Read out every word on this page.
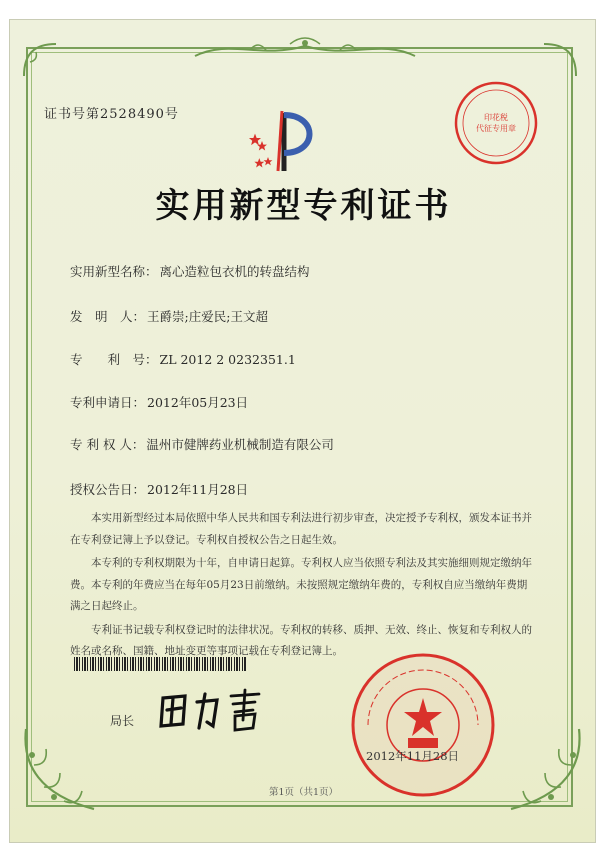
证书号第2528490号	印花税
代征专用章
实用新型专利证书
实用新型名称： 离心造粒包衣机的转盘结构
发　明　人： 王爵崇;庄爱民;王文超
专　　利　号： ZL 2012 2 0232351.1
专利申请日： 2012年05月23日
专 利 权 人： 温州市健牌药业机械制造有限公司
授权公告日： 2012年11月28日

本实用新型经过本局依照中华人民共和国专利法进行初步审查，决定授予专利权，颁发本证书并在专利登记簿上予以登记。专利权自授权公告之日起生效。

本专利的专利权期限为十年，自申请日起算。专利权人应当依照专利法及其实施细则规定缴纳年费。本专利的年费应当在每年05月23日前缴纳。未按照规定缴纳年费的，专利权自应当缴纳年费期满之日起终止。

专利证书记载专利权登记时的法律状况。专利权的转移、质押、无效、终止、恢复和专利权人的姓名或名称、国籍、地址变更等事项记载在专利登记簿上。

局长
2012年11月28日
第1页（共1页）
